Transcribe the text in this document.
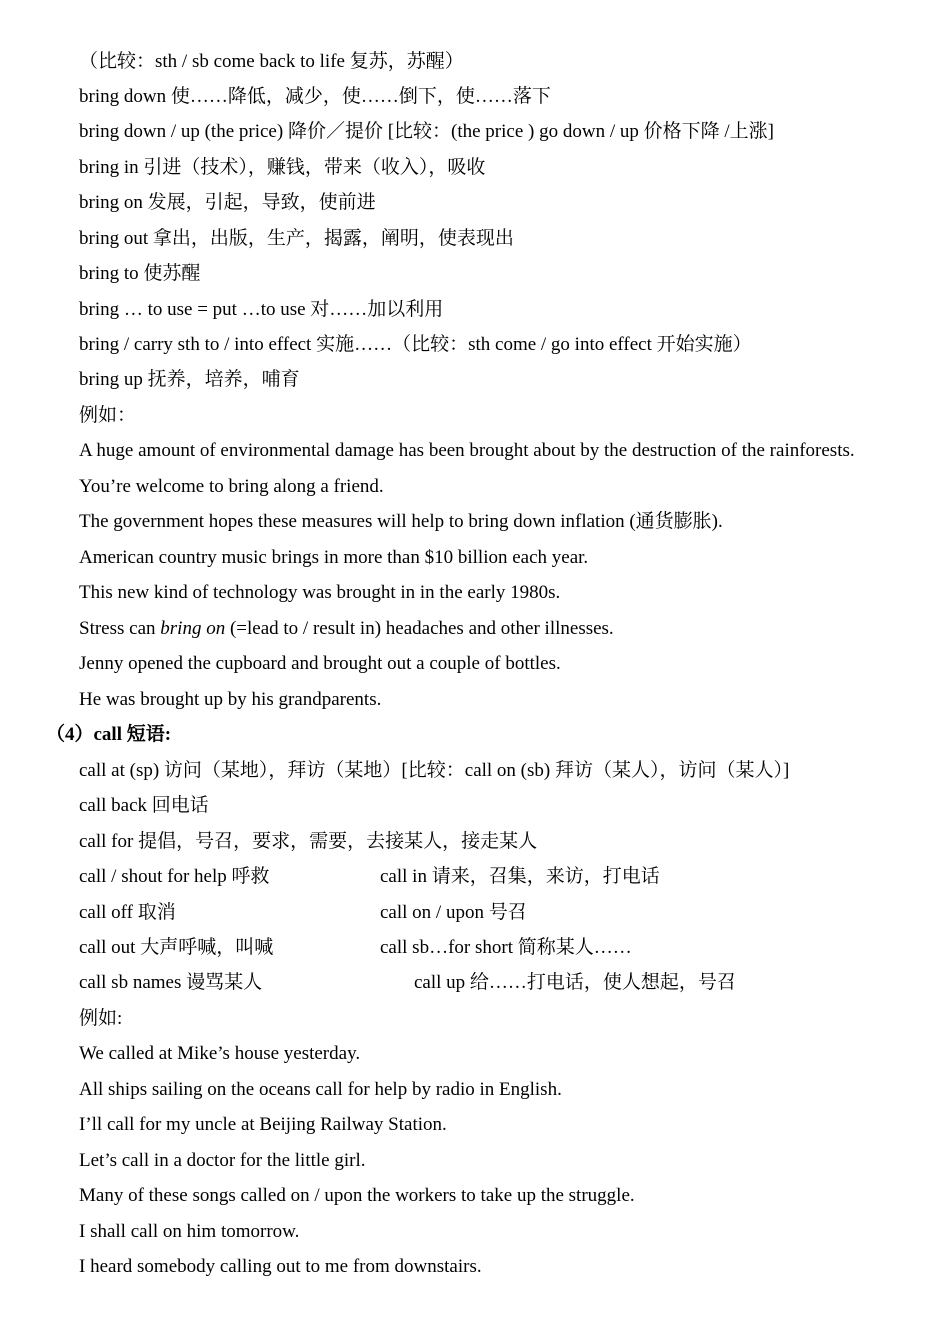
（比较：sth / sb come back to life 复苏，苏醒）
bring down 使……降低，减少，使……倒下，使……落下
bring down / up (the price) 降价／提价 [比较：(the price ) go down / up 价格下降 /上涨]
bring in 引进（技术），赚钱，带来（收入），吸收
bring on 发展，引起，导致，使前进
bring out 拿出，出版，生产，揭露，阐明，使表现出
bring to 使苏醒
bring … to use = put …to use 对……加以利用
bring / carry sth to / into effect 实施……（比较：sth come / go into effect 开始实施）
bring up 抚养，培养，哺育
例如：
A huge amount of environmental damage has been brought about by the destruction of the rainforests.
You’re welcome to bring along a friend.
The government hopes these measures will help to bring down inflation (通货膨胀).
American country music brings in more than $10 billion each year.
This new kind of technology was brought in in the early 1980s.
Stress can bring on (=lead to / result in) headaches and other illnesses.
Jenny opened the cupboard and brought out a couple of bottles.
He was brought up by his grandparents.
（4）call 短语:
call at (sp) 访问（某地），拜访（某地）[比较：call on (sb) 拜访（某人），访问（某人）]
call back 回电话
call for 提倡，号召，要求，需要，去接某人，接走某人
call / shout for help 呼救	call in 请来，召集，来访，打电话
call off 取消	call on / upon 号召
call out 大声呼喊，叫喊	call sb…for short 简称某人……
call sb names 谩骂某人	call up 给……打电话，使人想起，号召
例如:
We called at Mike’s house yesterday.
All ships sailing on the oceans call for help by radio in English.
I’ll call for my uncle at Beijing Railway Station.
Let’s call in a doctor for the little girl.
Many of these songs called on / upon the workers to take up the struggle.
I shall call on him tomorrow.
I heard somebody calling out to me from downstairs.
